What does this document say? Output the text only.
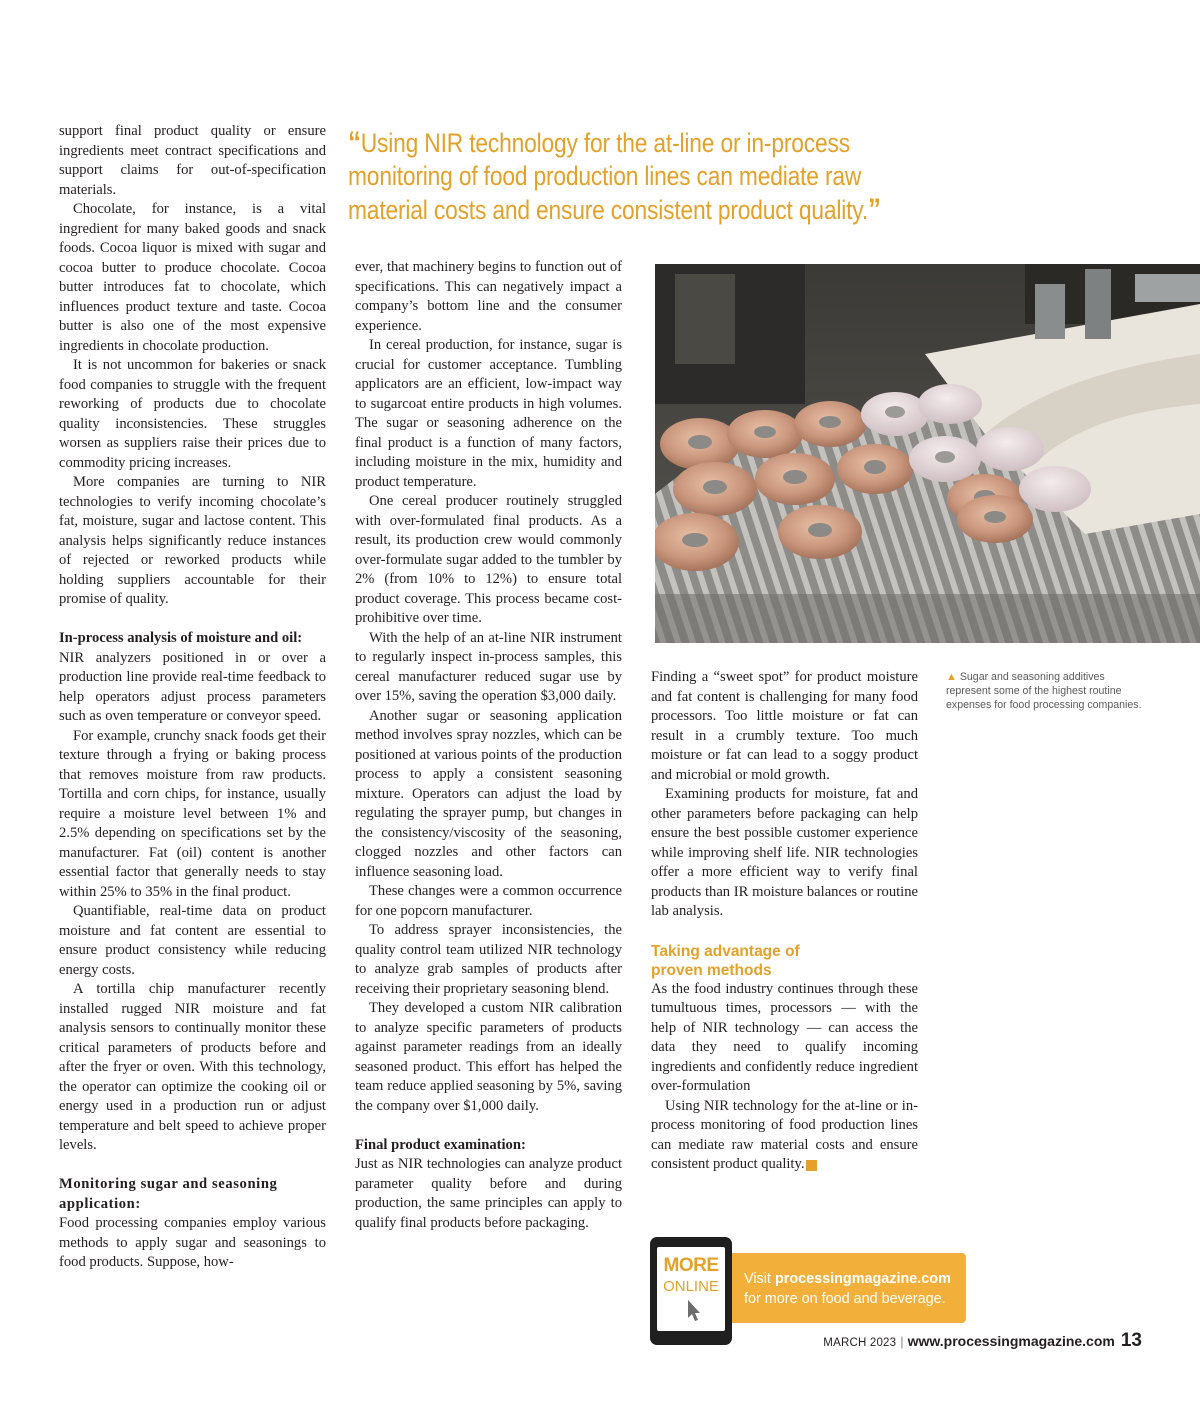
support final product quality or ensure ingredients meet contract specifications and support claims for out-of-specification materials.

Chocolate, for instance, is a vital ingredient for many baked goods and snack foods. Cocoa liquor is mixed with sugar and cocoa butter to produce chocolate. Cocoa butter introduces fat to chocolate, which influences product texture and taste. Cocoa butter is also one of the most expensive ingredients in chocolate production.

It is not uncommon for bakeries or snack food companies to struggle with the frequent reworking of products due to chocolate quality inconsistencies. These struggles worsen as suppliers raise their prices due to commodity pricing increases.

More companies are turning to NIR technologies to verify incoming chocolate’s fat, moisture, sugar and lactose content. This analysis helps significantly reduce instances of rejected or reworked products while holding suppliers accountable for their promise of quality.

In-process analysis of moisture and oil:

NIR analyzers positioned in or over a production line provide real-time feedback to help operators adjust process parameters such as oven temperature or conveyor speed.

For example, crunchy snack foods get their texture through a frying or baking process that removes moisture from raw products. Tortilla and corn chips, for instance, usually require a moisture level between 1% and 2.5% depending on specifications set by the manufacturer. Fat (oil) content is another essential factor that generally needs to stay within 25% to 35% in the final product.

Quantifiable, real-time data on product moisture and fat content are essential to ensure product consistency while reducing energy costs.

A tortilla chip manufacturer recently installed rugged NIR moisture and fat analysis sensors to continually monitor these critical parameters of products before and after the fryer or oven. With this technology, the operator can optimize the cooking oil or energy used in a production run or adjust temperature and belt speed to achieve proper levels.

Monitoring sugar and seasoning application:

Food processing companies employ various methods to apply sugar and seasonings to food products. Suppose, how-

“Using NIR technology for the at-line or in-process monitoring of food production lines can mediate raw material costs and ensure consistent product quality.”

ever, that machinery begins to function out of specifications. This can negatively impact a company’s bottom line and the consumer experience.

In cereal production, for instance, sugar is crucial for customer acceptance. Tumbling applicators are an efficient, low-impact way to sugarcoat entire products in high volumes. The sugar or seasoning adherence on the final product is a function of many factors, including moisture in the mix, humidity and product temperature.

One cereal producer routinely struggled with over-formulated final products. As a result, its production crew would commonly over-formulate sugar added to the tumbler by 2% (from 10% to 12%) to ensure total product coverage. This process became cost-prohibitive over time.

With the help of an at-line NIR instrument to regularly inspect in-process samples, this cereal manufacturer reduced sugar use by over 15%, saving the operation $3,000 daily.

Another sugar or seasoning application method involves spray nozzles, which can be positioned at various points of the production process to apply a consistent seasoning mixture. Operators can adjust the load by regulating the sprayer pump, but changes in the consistency/viscosity of the seasoning, clogged nozzles and other factors can influence seasoning load.

These changes were a common occurrence for one popcorn manufacturer.

To address sprayer inconsistencies, the quality control team utilized NIR technology to analyze grab samples of products after receiving their proprietary seasoning blend.

They developed a custom NIR calibration to analyze specific parameters of products against parameter readings from an ideally seasoned product. This effort has helped the team reduce applied seasoning by 5%, saving the company over $1,000 daily.

Final product examination:

Just as NIR technologies can analyze product parameter quality before and during production, the same principles can apply to qualify final products before packaging.

▲ Sugar and seasoning additives represent some of the highest routine expenses for food processing companies.

Finding a “sweet spot” for product moisture and fat content is challenging for many food processors. Too little moisture or fat can result in a crumbly texture. Too much moisture or fat can lead to a soggy product and microbial or mold growth.

Examining products for moisture, fat and other parameters before packaging can help ensure the best possible customer experience while improving shelf life. NIR technologies offer a more efficient way to verify final products than IR moisture balances or routine lab analysis.

Taking advantage of
proven methods

As the food industry continues through these tumultuous times, processors — with the help of NIR technology — can access the data they need to qualify incoming ingredients and confidently reduce ingredient over-formulation

Using NIR technology for the at-line or in-process monitoring of food production lines can mediate raw material costs and ensure consistent product quality. PM

Visit processingmagazine.com
for more on food and beverage.
MORE
ONLINE
MARCH 2023 | www.processingmagazine.com 13
